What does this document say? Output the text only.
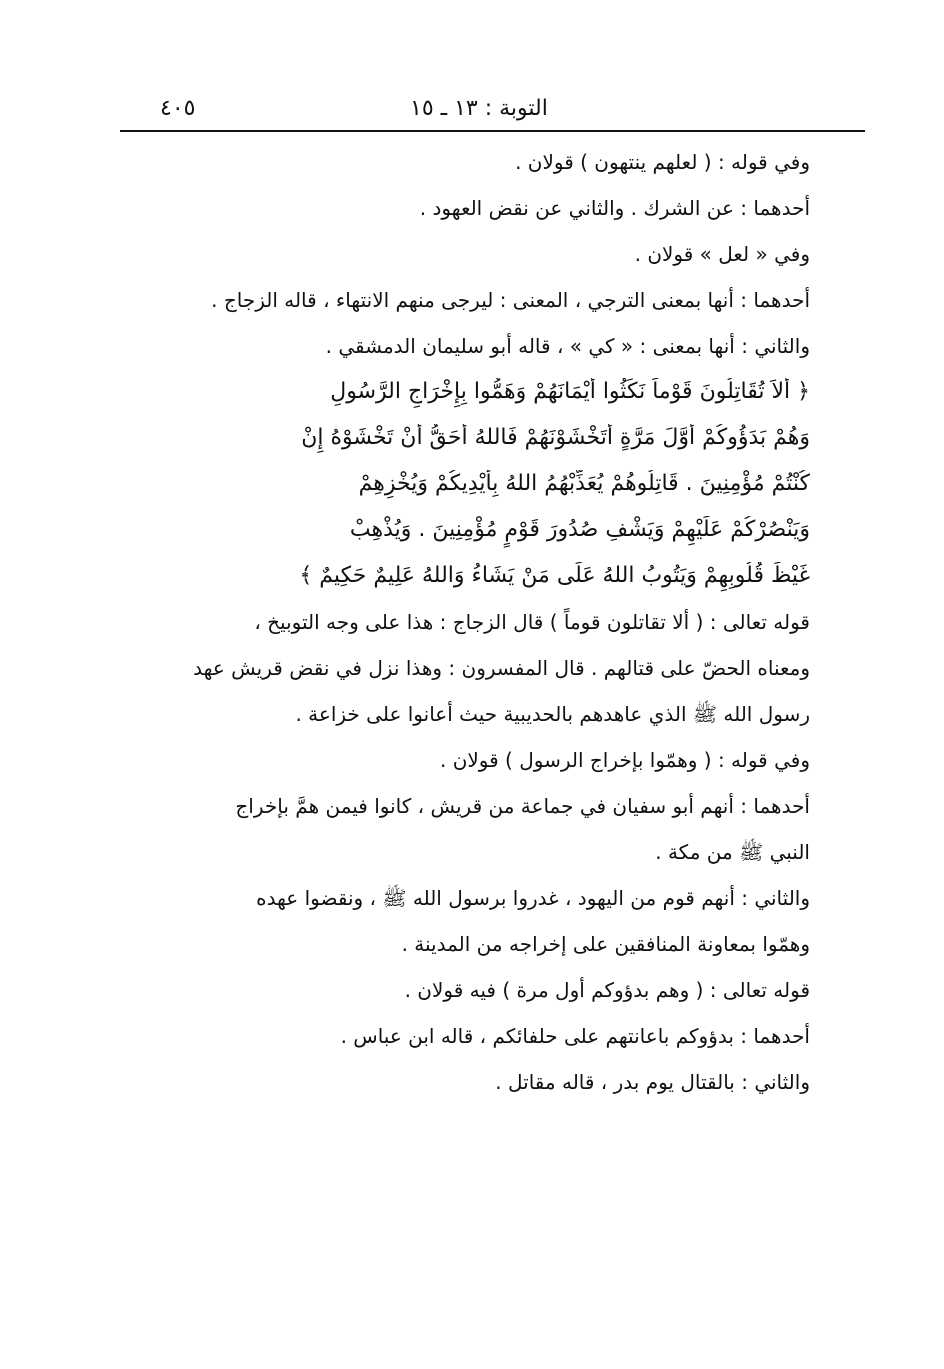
٤٠٥	التوبة : ١٣ ـ ١٥
وفي قوله : ( لعلهم ينتهون ) قولان .
أحدهما : عن الشرك . والثاني عن نقض العهود .
وفي « لعل » قولان .
أحدهما : أنها بمعنى الترجي ، المعنى : ليرجى منهم الانتهاء ، قاله الزجاج .
والثاني : أنها بمعنى : « كي » ، قاله أبو سليمان الدمشقي .
﴿ أَلاَ تُقَاتِلُونَ قَوْماً نَكَثُوا أَيْمَانَهُمْ وَهَمُّوا بِإِخْرَاجِ الرَّسُولِ
وَهُمْ بَدَؤُوكُمْ أَوَّلَ مَرَّةٍ أَتَخْشَوْنَهُمْ فَاللهُ أَحَقُّ أَنْ تَخْشَوْهُ إِنْ
كُنْتُمْ مُؤْمِنِينَ . قَاتِلُوهُمْ يُعَذِّبْهُمُ اللهُ بِأَيْدِيكُمْ وَيُخْزِهِمْ
وَيَنْصُرْكُمْ عَلَيْهِمْ وَيَشْفِ صُدُورَ قَوْمٍ مُؤْمِنِينَ . وَيُذْهِبْ
غَيْظَ قُلُوبِهِمْ وَيَتُوبُ اللهُ عَلَى مَنْ يَشَاءُ وَاللهُ عَلِيمٌ حَكِيمٌ ﴾
قوله تعالى : ( ألا تقاتلون قوماً ) قال الزجاج : هذا على وجه التوبيخ ،
ومعناه الحضّ على قتالهم . قال المفسرون : وهذا نزل في نقض قريش عهد
رسول الله ﷺ الذي عاهدهم بالحديبية حيث أعانوا على خزاعة .
وفي قوله : ( وهمّوا بإخراج الرسول ) قولان .
أحدهما : أنهم أبو سفيان في جماعة من قريش ، كانوا فيمن همَّ بإخراج
النبي ﷺ من مكة .
والثاني : أنهم قوم من اليهود ، غدروا برسول الله ﷺ ، ونقضوا عهده
وهمّوا بمعاونة المنافقين على إخراجه من المدينة .
قوله تعالى : ( وهم بدؤوكم أول مرة ) فيه قولان .
أحدهما : بدؤوكم باعانتهم على حلفائكم ، قاله ابن عباس .
والثاني : بالقتال يوم بدر ، قاله مقاتل .
